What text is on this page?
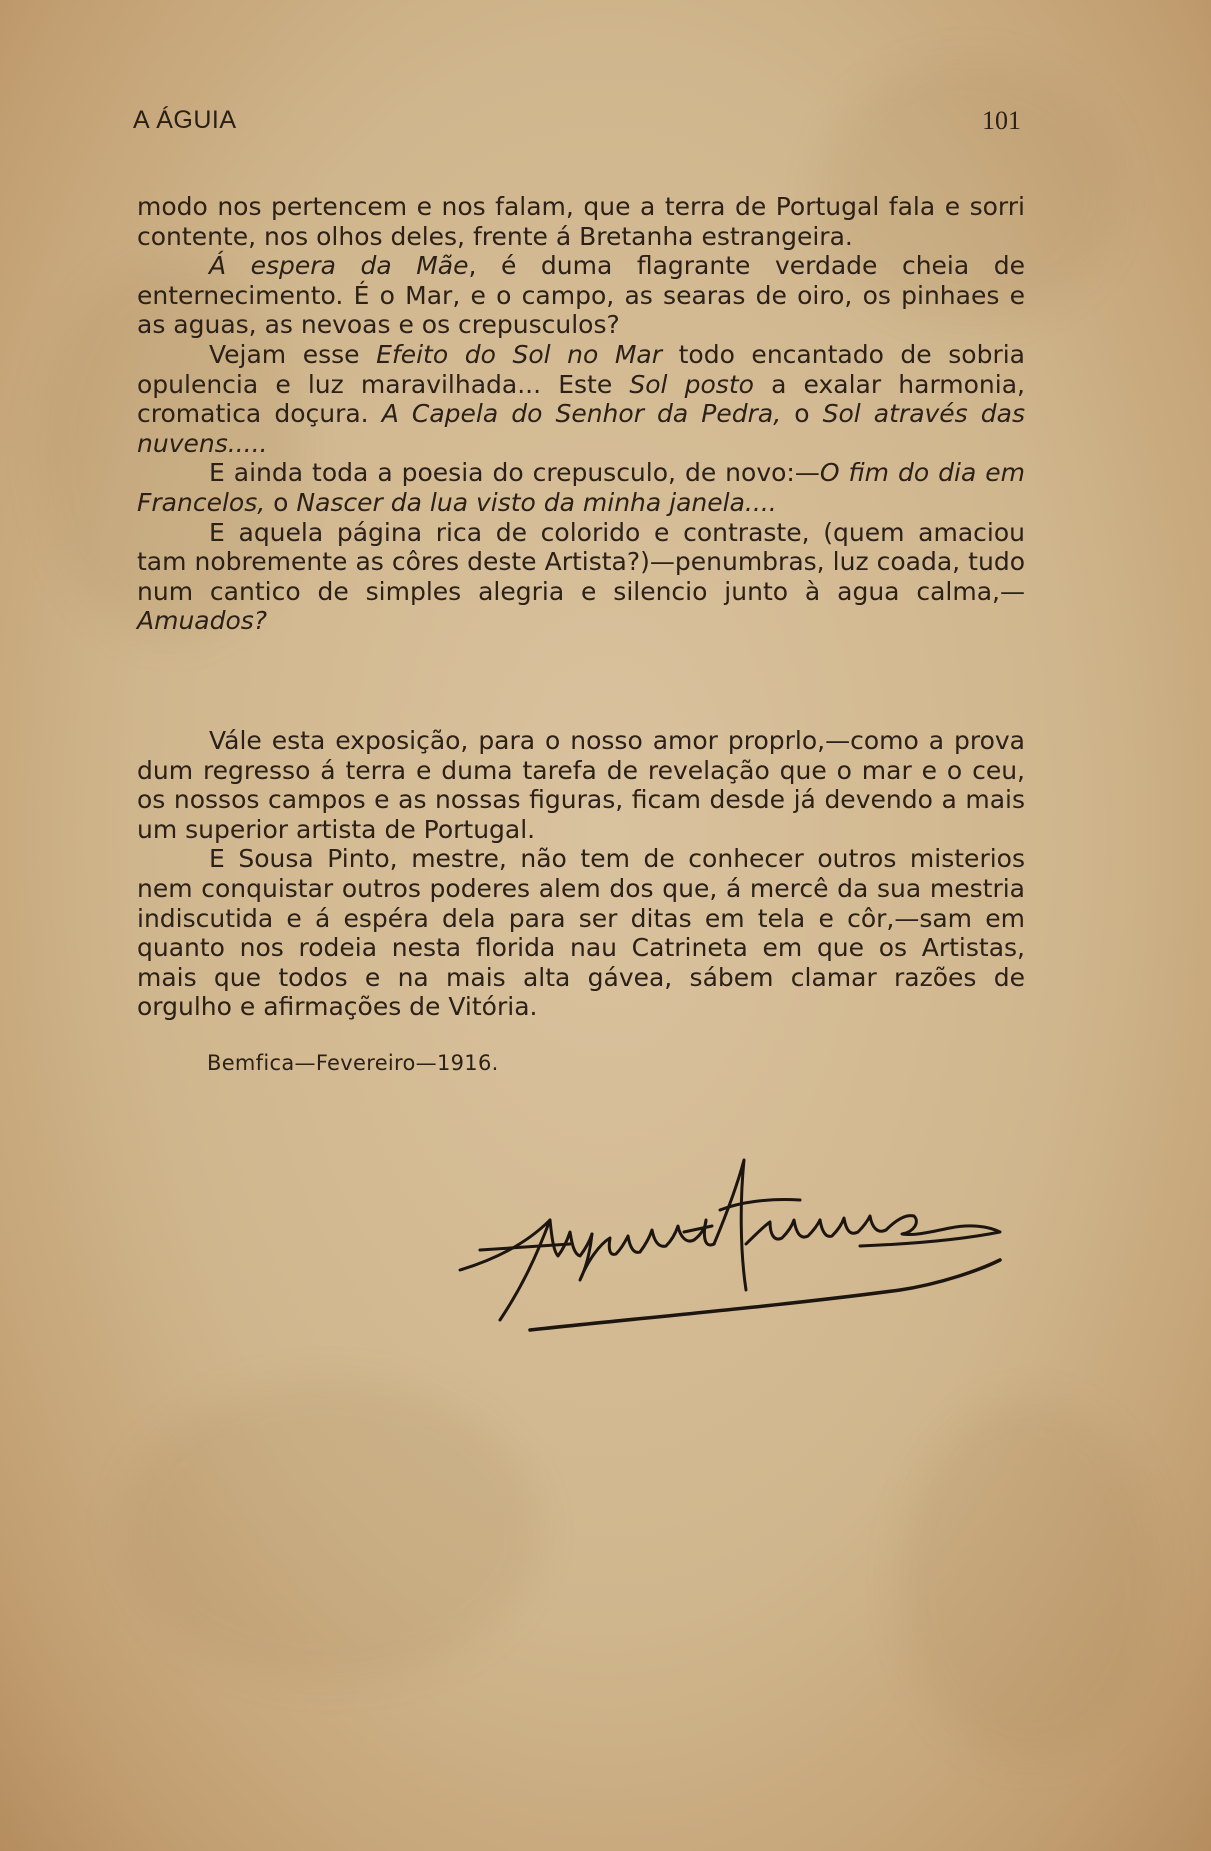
A ÁGUIA	101

modo nos pertencem e nos falam, que a terra de Portugal fala e sorri contente, nos olhos deles, frente á Bretanha estrangeira.

Á espera da Mãe, é duma flagrante verdade cheia de enternecimento. É o Mar, e o campo, as searas de oiro, os pinhaes e as aguas, as nevoas e os crepusculos?

Vejam esse Efeito do Sol no Mar todo encantado de sobria opulencia e luz maravilhada... Este Sol posto a exalar harmonia, cromatica doçura. A Capela do Senhor da Pedra, o Sol através das nuvens.....

E ainda toda a poesia do crepusculo, de novo:—O fim do dia em Francelos, o Nascer da lua visto da minha janela....

E aquela página rica de colorido e contraste, (quem amaciou tam nobremente as côres deste Artista?)—penumbras, luz coada, tudo num cantico de simples alegria e silencio junto à agua calma,—Amuados?

Vále esta exposição, para o nosso amor proprlo,—como a prova dum regresso á terra e duma tarefa de revelação que o mar e o ceu, os nossos campos e as nossas figuras, ficam desde já devendo a mais um superior artista de Portugal.

E Sousa Pinto, mestre, não tem de conhecer outros misterios nem conquistar outros poderes alem dos que, á mercê da sua mestria indiscutida e á espéra dela para ser ditas em tela e côr,—sam em quanto nos rodeia nesta florida nau Catrineta em que os Artistas, mais que todos e na mais alta gávea, sábem clamar razões de orgulho e afirmações de Vitória.

Bemfica—Fevereiro—1916.
